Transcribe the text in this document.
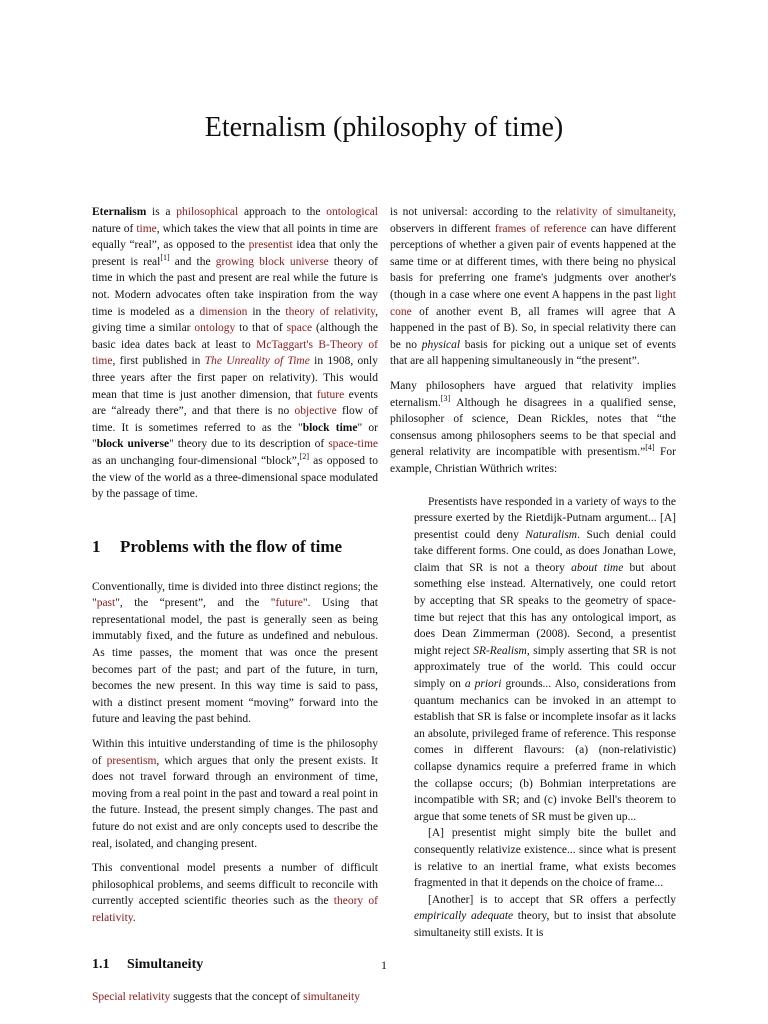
Eternalism (philosophy of time)

Eternalism is a philosophical approach to the ontological nature of time, which takes the view that all points in time are equally “real”, as opposed to the presentist idea that only the present is real[1] and the growing block universe theory of time in which the past and present are real while the future is not. Modern advocates often take inspiration from the way time is modeled as a dimension in the theory of relativity, giving time a similar ontology to that of space (although the basic idea dates back at least to McTaggart's B-Theory of time, first published in The Unreality of Time in 1908, only three years after the first paper on relativity). This would mean that time is just another dimension, that future events are “already there”, and that there is no objective flow of time. It is sometimes referred to as the "block time" or "block universe" theory due to its description of space-time as an unchanging four-dimensional “block”,[2] as opposed to the view of the world as a three-dimensional space modulated by the passage of time.

1 Problems with the flow of time

Conventionally, time is divided into three distinct regions; the "past", the “present”, and the "future". Using that representational model, the past is generally seen as being immutably fixed, and the future as undefined and nebulous. As time passes, the moment that was once the present becomes part of the past; and part of the future, in turn, becomes the new present. In this way time is said to pass, with a distinct present moment “moving” forward into the future and leaving the past behind.

Within this intuitive understanding of time is the philosophy of presentism, which argues that only the present exists. It does not travel forward through an environment of time, moving from a real point in the past and toward a real point in the future. Instead, the present simply changes. The past and future do not exist and are only concepts used to describe the real, isolated, and changing present.

This conventional model presents a number of difficult philosophical problems, and seems difficult to reconcile with currently accepted scientific theories such as the theory of relativity.

1.1 Simultaneity

Special relativity suggests that the concept of simultaneity

is not universal: according to the relativity of simultaneity, observers in different frames of reference can have different perceptions of whether a given pair of events happened at the same time or at different times, with there being no physical basis for preferring one frame's judgments over another's (though in a case where one event A happens in the past light cone of another event B, all frames will agree that A happened in the past of B). So, in special relativity there can be no physical basis for picking out a unique set of events that are all happening simultaneously in “the present”.

Many philosophers have argued that relativity implies eternalism.[3] Although he disagrees in a qualified sense, philosopher of science, Dean Rickles, notes that “the consensus among philosophers seems to be that special and general relativity are incompatible with presentism.”[4] For example, Christian Wüthrich writes:

Presentists have responded in a variety of ways to the pressure exerted by the Rietdijk-Putnam argument... [A] presentist could deny Naturalism. Such denial could take different forms. One could, as does Jonathan Lowe, claim that SR is not a theory about time but about something else instead. Alternatively, one could retort by accepting that SR speaks to the geometry of space-time but reject that this has any ontological import, as does Dean Zimmerman (2008). Second, a presentist might reject SR-Realism, simply asserting that SR is not approximately true of the world. This could occur simply on a priori grounds... Also, considerations from quantum mechanics can be invoked in an attempt to establish that SR is false or incomplete insofar as it lacks an absolute, privileged frame of reference. This response comes in different flavours: (a) (non-relativistic) collapse dynamics require a preferred frame in which the collapse occurs; (b) Bohmian interpretations are incompatible with SR; and (c) invoke Bell's theorem to argue that some tenets of SR must be given up...

[A] presentist might simply bite the bullet and consequently relativize existence... since what is present is relative to an inertial frame, what exists becomes fragmented in that it depends on the choice of frame...

[Another] is to accept that SR offers a perfectly empirically adequate theory, but to insist that absolute simultaneity still exists. It is

1
